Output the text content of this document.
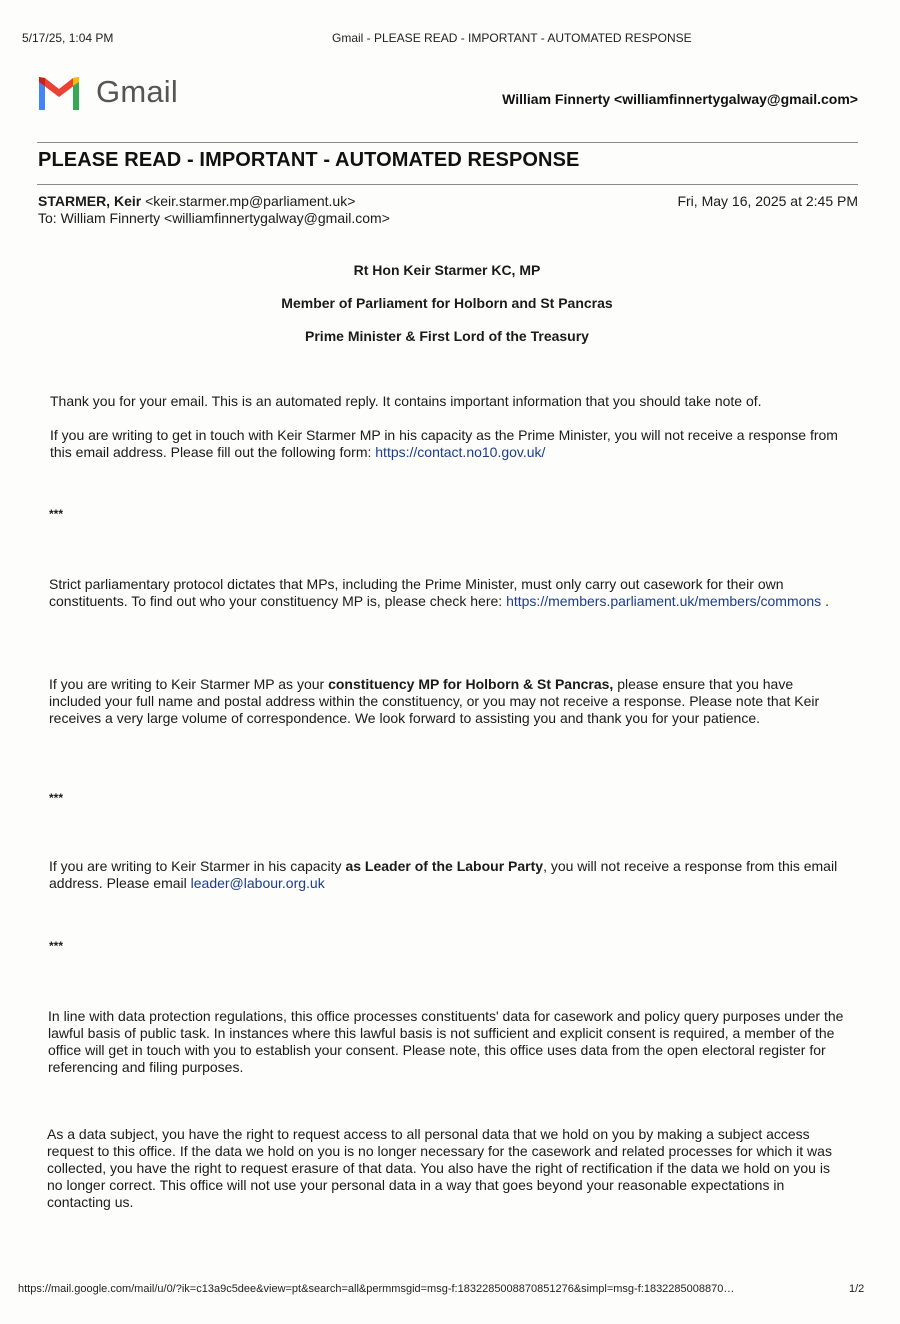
5/17/25, 1:04 PM	Gmail - PLEASE READ - IMPORTANT - AUTOMATED RESPONSE
Gmail	William Finnerty <williamfinnertygalway@gmail.com>
PLEASE READ - IMPORTANT - AUTOMATED RESPONSE
STARMER, Keir <keir.starmer.mp@parliament.uk>
To: William Finnerty <williamfinnertygalway@gmail.com>
Fri, May 16, 2025 at 2:45 PM
Rt Hon Keir Starmer KC, MP
Member of Parliament for Holborn and St Pancras
Prime Minister & First Lord of the Treasury
Thank you for your email. This is an automated reply. It contains important information that you should take note of.
If you are writing to get in touch with Keir Starmer MP in his capacity as the Prime Minister, you will not receive a response from this email address. Please fill out the following form: https://contact.no10.gov.uk/
***
Strict parliamentary protocol dictates that MPs, including the Prime Minister, must only carry out casework for their own constituents. To find out who your constituency MP is, please check here: https://members.parliament.uk/members/commons .
If you are writing to Keir Starmer MP as your constituency MP for Holborn & St Pancras, please ensure that you have included your full name and postal address within the constituency, or you may not receive a response. Please note that Keir receives a very large volume of correspondence. We look forward to assisting you and thank you for your patience.
***
If you are writing to Keir Starmer in his capacity as Leader of the Labour Party, you will not receive a response from this email address. Please email leader@labour.org.uk
***
In line with data protection regulations, this office processes constituents' data for casework and policy query purposes under the lawful basis of public task. In instances where this lawful basis is not sufficient and explicit consent is required, a member of the office will get in touch with you to establish your consent. Please note, this office uses data from the open electoral register for referencing and filing purposes.
As a data subject, you have the right to request access to all personal data that we hold on you by making a subject access request to this office. If the data we hold on you is no longer necessary for the casework and related processes for which it was collected, you have the right to request erasure of that data. You also have the right of rectification if the data we hold on you is no longer correct. This office will not use your personal data in a way that goes beyond your reasonable expectations in contacting us.
https://mail.google.com/mail/u/0/?ik=c13a9c5dee&view=pt&search=all&permmsgid=msg-f:1832285008870851276&simpl=msg-f:1832285008870…	1/2
